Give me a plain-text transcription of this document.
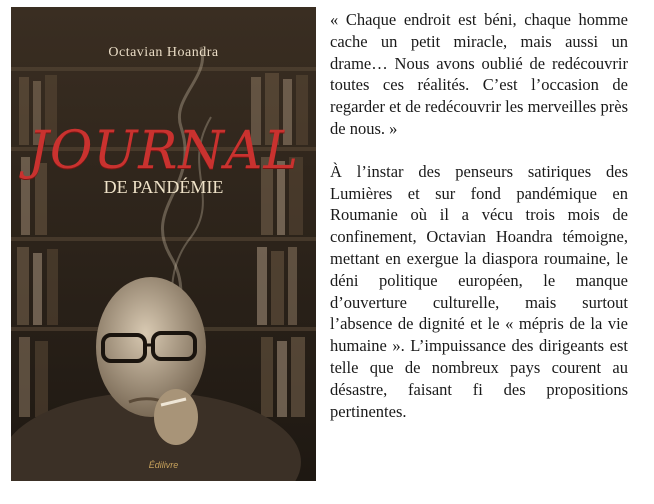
Octavian Hoandra
JOURNAL
DE PANDÉMIE
Édilivre

« Chaque endroit est béni, chaque homme cache un petit miracle, mais aussi un drame… Nous avons oublié de redécouvrir toutes ces réalités. C’est l’occasion de regarder et de redécouvrir les merveilles près de nous. »

À l’instar des penseurs satiriques des Lumières et sur fond pandémique en Roumanie où il a vécu trois mois de confinement, Octavian Hoandra témoigne, mettant en exergue la diaspora roumaine, le déni politique européen, le manque d’ouverture culturelle, mais surtout l’absence de dignité et le « mépris de la vie humaine ». L’impuissance des dirigeants est telle que de nombreux pays courent au désastre, faisant fi des propositions pertinentes.
